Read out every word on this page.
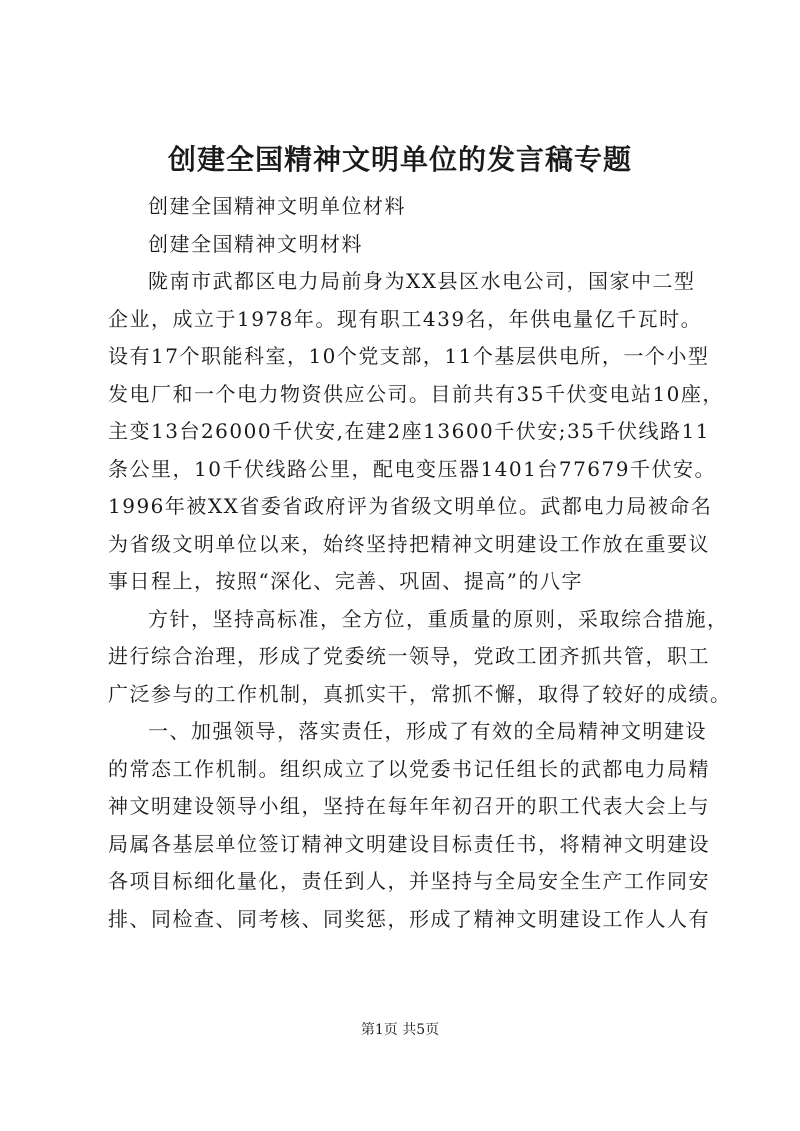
创建全国精神文明单位的发言稿专题

创建全国精神文明单位材料

创建全国精神文明材料

陇南市武都区电力局前身为XX县区水电公司，国家中二型
企业，成立于1978年。现有职工439名，年供电量亿千瓦时。
设有17个职能科室，10个党支部，11个基层供电所，一个小型
发电厂和一个电力物资供应公司。目前共有35千伏变电站10座，
主变13台26000千伏安,在建2座13600千伏安;35千伏线路11
条公里，10千伏线路公里，配电变压器1401台77679千伏安。
1996年被XX省委省政府评为省级文明单位。武都电力局被命名
为省级文明单位以来，始终坚持把精神文明建设工作放在重要议
事日程上，按照“深化、完善、巩固、提高”的八字

方针，坚持高标准，全方位，重质量的原则，采取综合措施，
进行综合治理，形成了党委统一领导，党政工团齐抓共管，职工
广泛参与的工作机制，真抓实干，常抓不懈，取得了较好的成绩。

一、加强领导，落实责任，形成了有效的全局精神文明建设
的常态工作机制。组织成立了以党委书记任组长的武都电力局精
神文明建设领导小组，坚持在每年年初召开的职工代表大会上与
局属各基层单位签订精神文明建设目标责任书，将精神文明建设
各项目标细化量化，责任到人，并坚持与全局安全生产工作同安
排、同检查、同考核、同奖惩，形成了精神文明建设工作人人有

第1页 共5页
